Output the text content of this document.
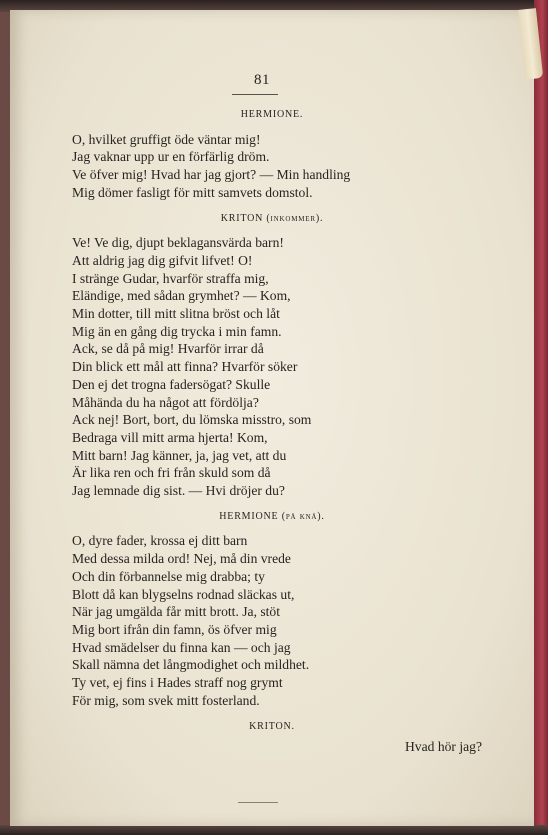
81
HERMIONE.
O, hvilket gruffigt öde väntar mig!
Jag vaknar upp ur en förfärlig dröm.
Ve öfver mig! Hvad har jag gjort? — Min handling
Mig dömer fasligt för mitt samvets domstol.
KRITON (inkommer).
Ve! Ve dig, djupt beklagansvärda barn!
Att aldrig jag dig gifvit lifvet! O!
I stränge Gudar, hvarför straffa mig,
Eländige, med sådan grymhet? — Kom,
Min dotter, till mitt slitna bröst och låt
Mig än en gång dig trycka i min famn.
Ack, se då på mig! Hvarför irrar då
Din blick ett mål att finna? Hvarför söker
Den ej det trogna fadersögat? Skulle
Måhända du ha något att fördölja?
Ack nej! Bort, bort, du lömska misstro, som
Bedraga vill mitt arma hjerta! Kom,
Mitt barn! Jag känner, ja, jag vet, att du
Är lika ren och fri från skuld som då
Jag lemnade dig sist. — Hvi dröjer du?
HERMIONE (på knä).
O, dyre fader, krossa ej ditt barn
Med dessa milda ord! Nej, må din vrede
Och din förbannelse mig drabba; ty
Blott då kan blygselns rodnad släckas ut,
När jag umgälda får mitt brott. Ja, stöt
Mig bort ifrån din famn, ös öfver mig
Hvad smädelser du finna kan — och jag
Skall nämna det långmodighet och mildhet.
Ty vet, ej fins i Hades straff nog grymt
För mig, som svek mitt fosterland.
KRITON.
Hvad hör jag?
